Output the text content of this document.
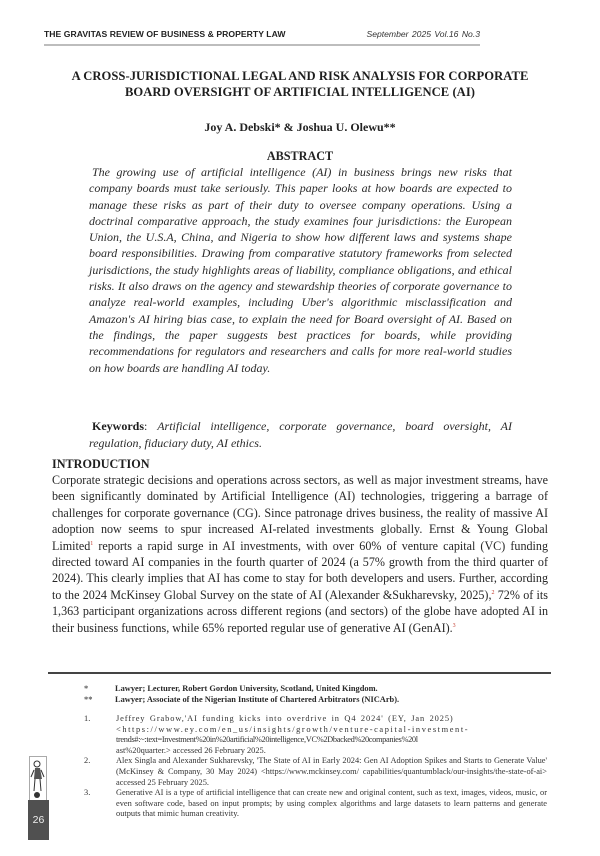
THE GRAVITAS REVIEW OF BUSINESS & PROPERTY LAW	September 2025 Vol.16 No.3
A CROSS-JURISDICTIONAL LEGAL AND RISK ANALYSIS FOR CORPORATE
BOARD OVERSIGHT OF ARTIFICIAL INTELLIGENCE (AI)
Joy A. Debski* & Joshua U. Olewu**
ABSTRACT
The growing use of artificial intelligence (AI) in business brings new risks that company boards must take seriously. This paper looks at how boards are expected to manage these risks as part of their duty to oversee company operations. Using a doctrinal comparative approach, the study examines four jurisdictions: the European Union, the U.S.A, China, and Nigeria to show how different laws and systems shape board responsibilities. Drawing from comparative statutory frameworks from selected jurisdictions, the study highlights areas of liability, compliance obligations, and ethical risks. It also draws on the agency and stewardship theories of corporate governance to analyze real-world examples, including Uber's algorithmic misclassification and Amazon's AI hiring bias case, to explain the need for Board oversight of AI. Based on the findings, the paper suggests best practices for boards, while providing recommendations for regulators and researchers and calls for more real-world studies on how boards are handling AI today.
Keywords: Artificial intelligence, corporate governance, board oversight, AI regulation, fiduciary duty, AI ethics.
INTRODUCTION
Corporate strategic decisions and operations across sectors, as well as major investment streams, have been significantly dominated by Artificial Intelligence (AI) technologies, triggering a barrage of challenges for corporate governance (CG). Since patronage drives business, the reality of massive AI adoption now seems to spur increased AI-related investments globally. Ernst & Young Global Limited$^1$ reports a rapid surge in AI investments, with over 60% of venture capital (VC) funding directed toward AI companies in the fourth quarter of 2024 (a 57% growth from the third quarter of 2024). This clearly implies that AI has come to stay for both developers and users. Further, according to the 2024 McKinsey Global Survey on the state of AI (Alexander &Sukharevsky, 2025),$^2$ 72% of its 1,363 participant organizations across different regions (and sectors) of the globe have adopted AI in their business functions, while 65% reported regular use of generative AI (GenAI).$^3$
*	Lawyer; Lecturer, Robert Gordon University, Scotland, United Kingdom.
**	Lawyer; Associate of the Nigerian Institute of Chartered Arbitrators (NICArb).
1.	Jeffrey Grabow,'AI funding kicks into overdrive in Q4 2024' (EY, Jan 2025)
<https://www.ey.com/en_us/insights/growth/venture-capital-investment-
trends#:~:text=Investment%20in%20artificial%20intelligence,VC%2Dbacked%20companies%20l
ast%20quarter.> accessed 26 February 2025.
2.	Alex Singla and Alexander Sukharevsky, 'The State of AI in Early 2024: Gen AI Adoption Spikes and Starts to Generate Value' (McKinsey & Company, 30 May 2024) <https://www.mckinsey.com/ capabilities/quantumblack/our-insights/the-state-of-ai> accessed 25 February 2025.
3.	Generative AI is a type of artificial intelligence that can create new and original content, such as text, images, videos, music, or even software code, based on input prompts; by using complex algorithms and large datasets to learn patterns and generate outputs that mimic human creativity.
26
